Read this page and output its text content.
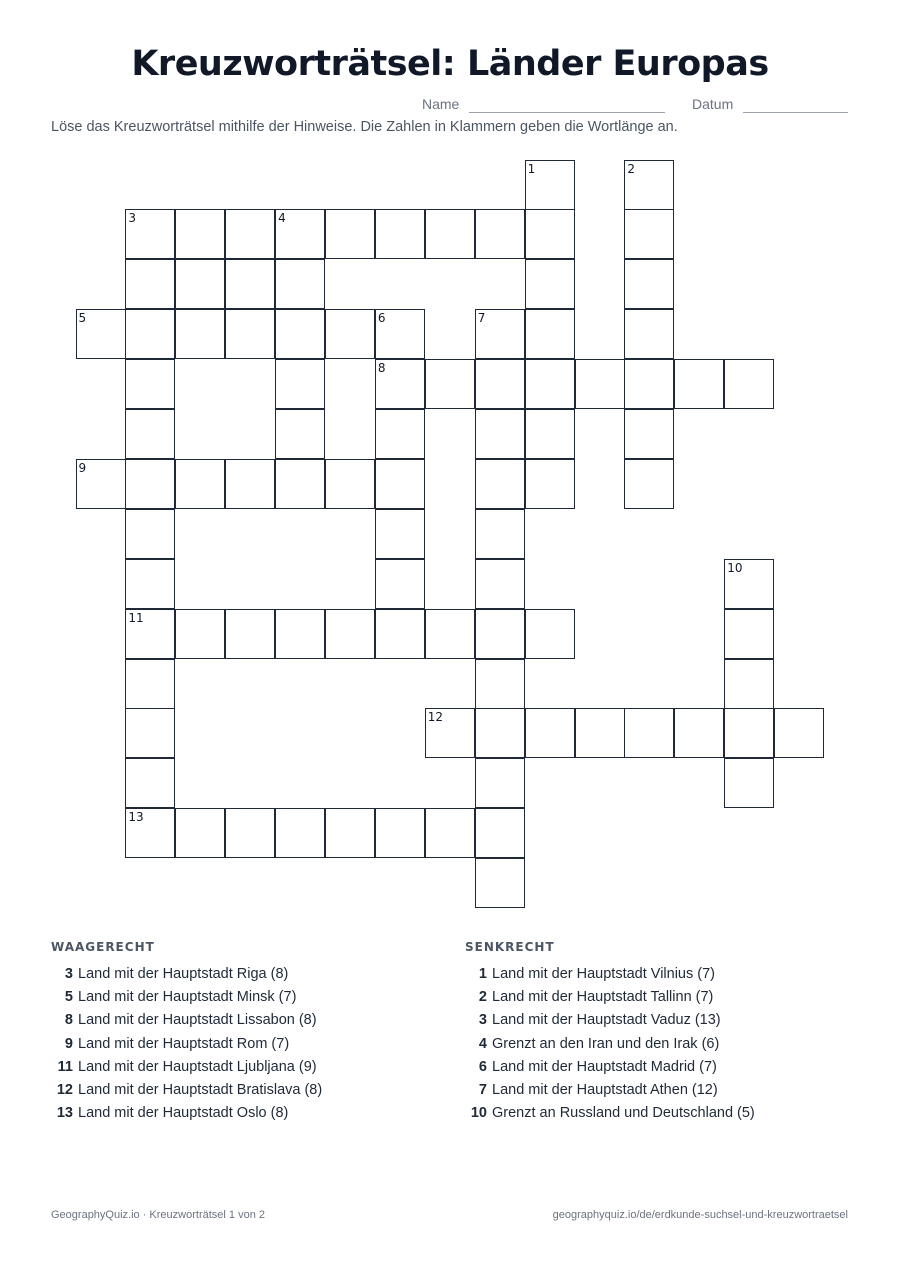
Kreuzworträtsel: Länder Europas
Name	Datum
Löse das Kreuzworträtsel mithilfe der Hinweise. Die Zahlen in Klammern geben die Wortlänge an.
1	2
3	4
5	6	7
8
9
10
11
12
13
WAAGERECHT
3 Land mit der Hauptstadt Riga (8)
5 Land mit der Hauptstadt Minsk (7)
8 Land mit der Hauptstadt Lissabon (8)
9 Land mit der Hauptstadt Rom (7)
11 Land mit der Hauptstadt Ljubljana (9)
12 Land mit der Hauptstadt Bratislava (8)
13 Land mit der Hauptstadt Oslo (8)
SENKRECHT
1 Land mit der Hauptstadt Vilnius (7)
2 Land mit der Hauptstadt Tallinn (7)
3 Land mit der Hauptstadt Vaduz (13)
4 Grenzt an den Iran und den Irak (6)
6 Land mit der Hauptstadt Madrid (7)
7 Land mit der Hauptstadt Athen (12)
10 Grenzt an Russland und Deutschland (5)
GeographyQuiz.io · Kreuzworträtsel 1 von 2	geographyquiz.io/de/erdkunde-suchsel-und-kreuzwortraetsel
